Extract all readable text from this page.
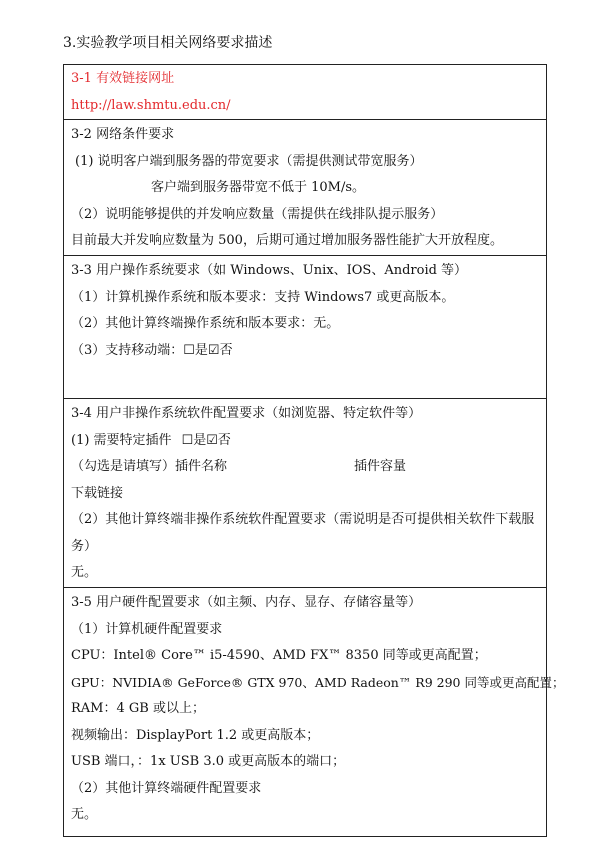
3.实验教学项目相关网络要求描述
3-1 有效链接网址
http://law.shmtu.edu.cn/
3-2 网络条件要求
(1) 说明客户端到服务器的带宽要求（需提供测试带宽服务）
客户端到服务器带宽不低于 10M/s。
（2）说明能够提供的并发响应数量（需提供在线排队提示服务）
目前最大并发响应数量为 500，后期可通过增加服务器性能扩大开放程度。
3-3 用户操作系统要求（如 Windows、Unix、IOS、Android 等）
（1）计算机操作系统和版本要求：支持 Windows7 或更高版本。
（2）其他计算终端操作系统和版本要求：无。
（3）支持移动端：☐是☑否
3-4 用户非操作系统软件配置要求（如浏览器、特定软件等）
(1) 需要特定插件 ☐是☑否
（勾选是请填写）插件名称	插件容量
下载链接
（2）其他计算终端非操作系统软件配置要求（需说明是否可提供相关软件下载服务）
无。
3-5 用户硬件配置要求（如主频、内存、显存、存储容量等）
（1）计算机硬件配置要求
CPU：Intel® Core™ i5-4590、AMD FX™ 8350 同等或更高配置；
GPU：NVIDIA® GeForce® GTX 970、AMD Radeon™ R9 290 同等或更高配置；
RAM：4 GB 或以上；
视频输出：DisplayPort 1.2 或更高版本；
USB 端口，：1x USB 3.0 或更高版本的端口；
（2）其他计算终端硬件配置要求
无。
